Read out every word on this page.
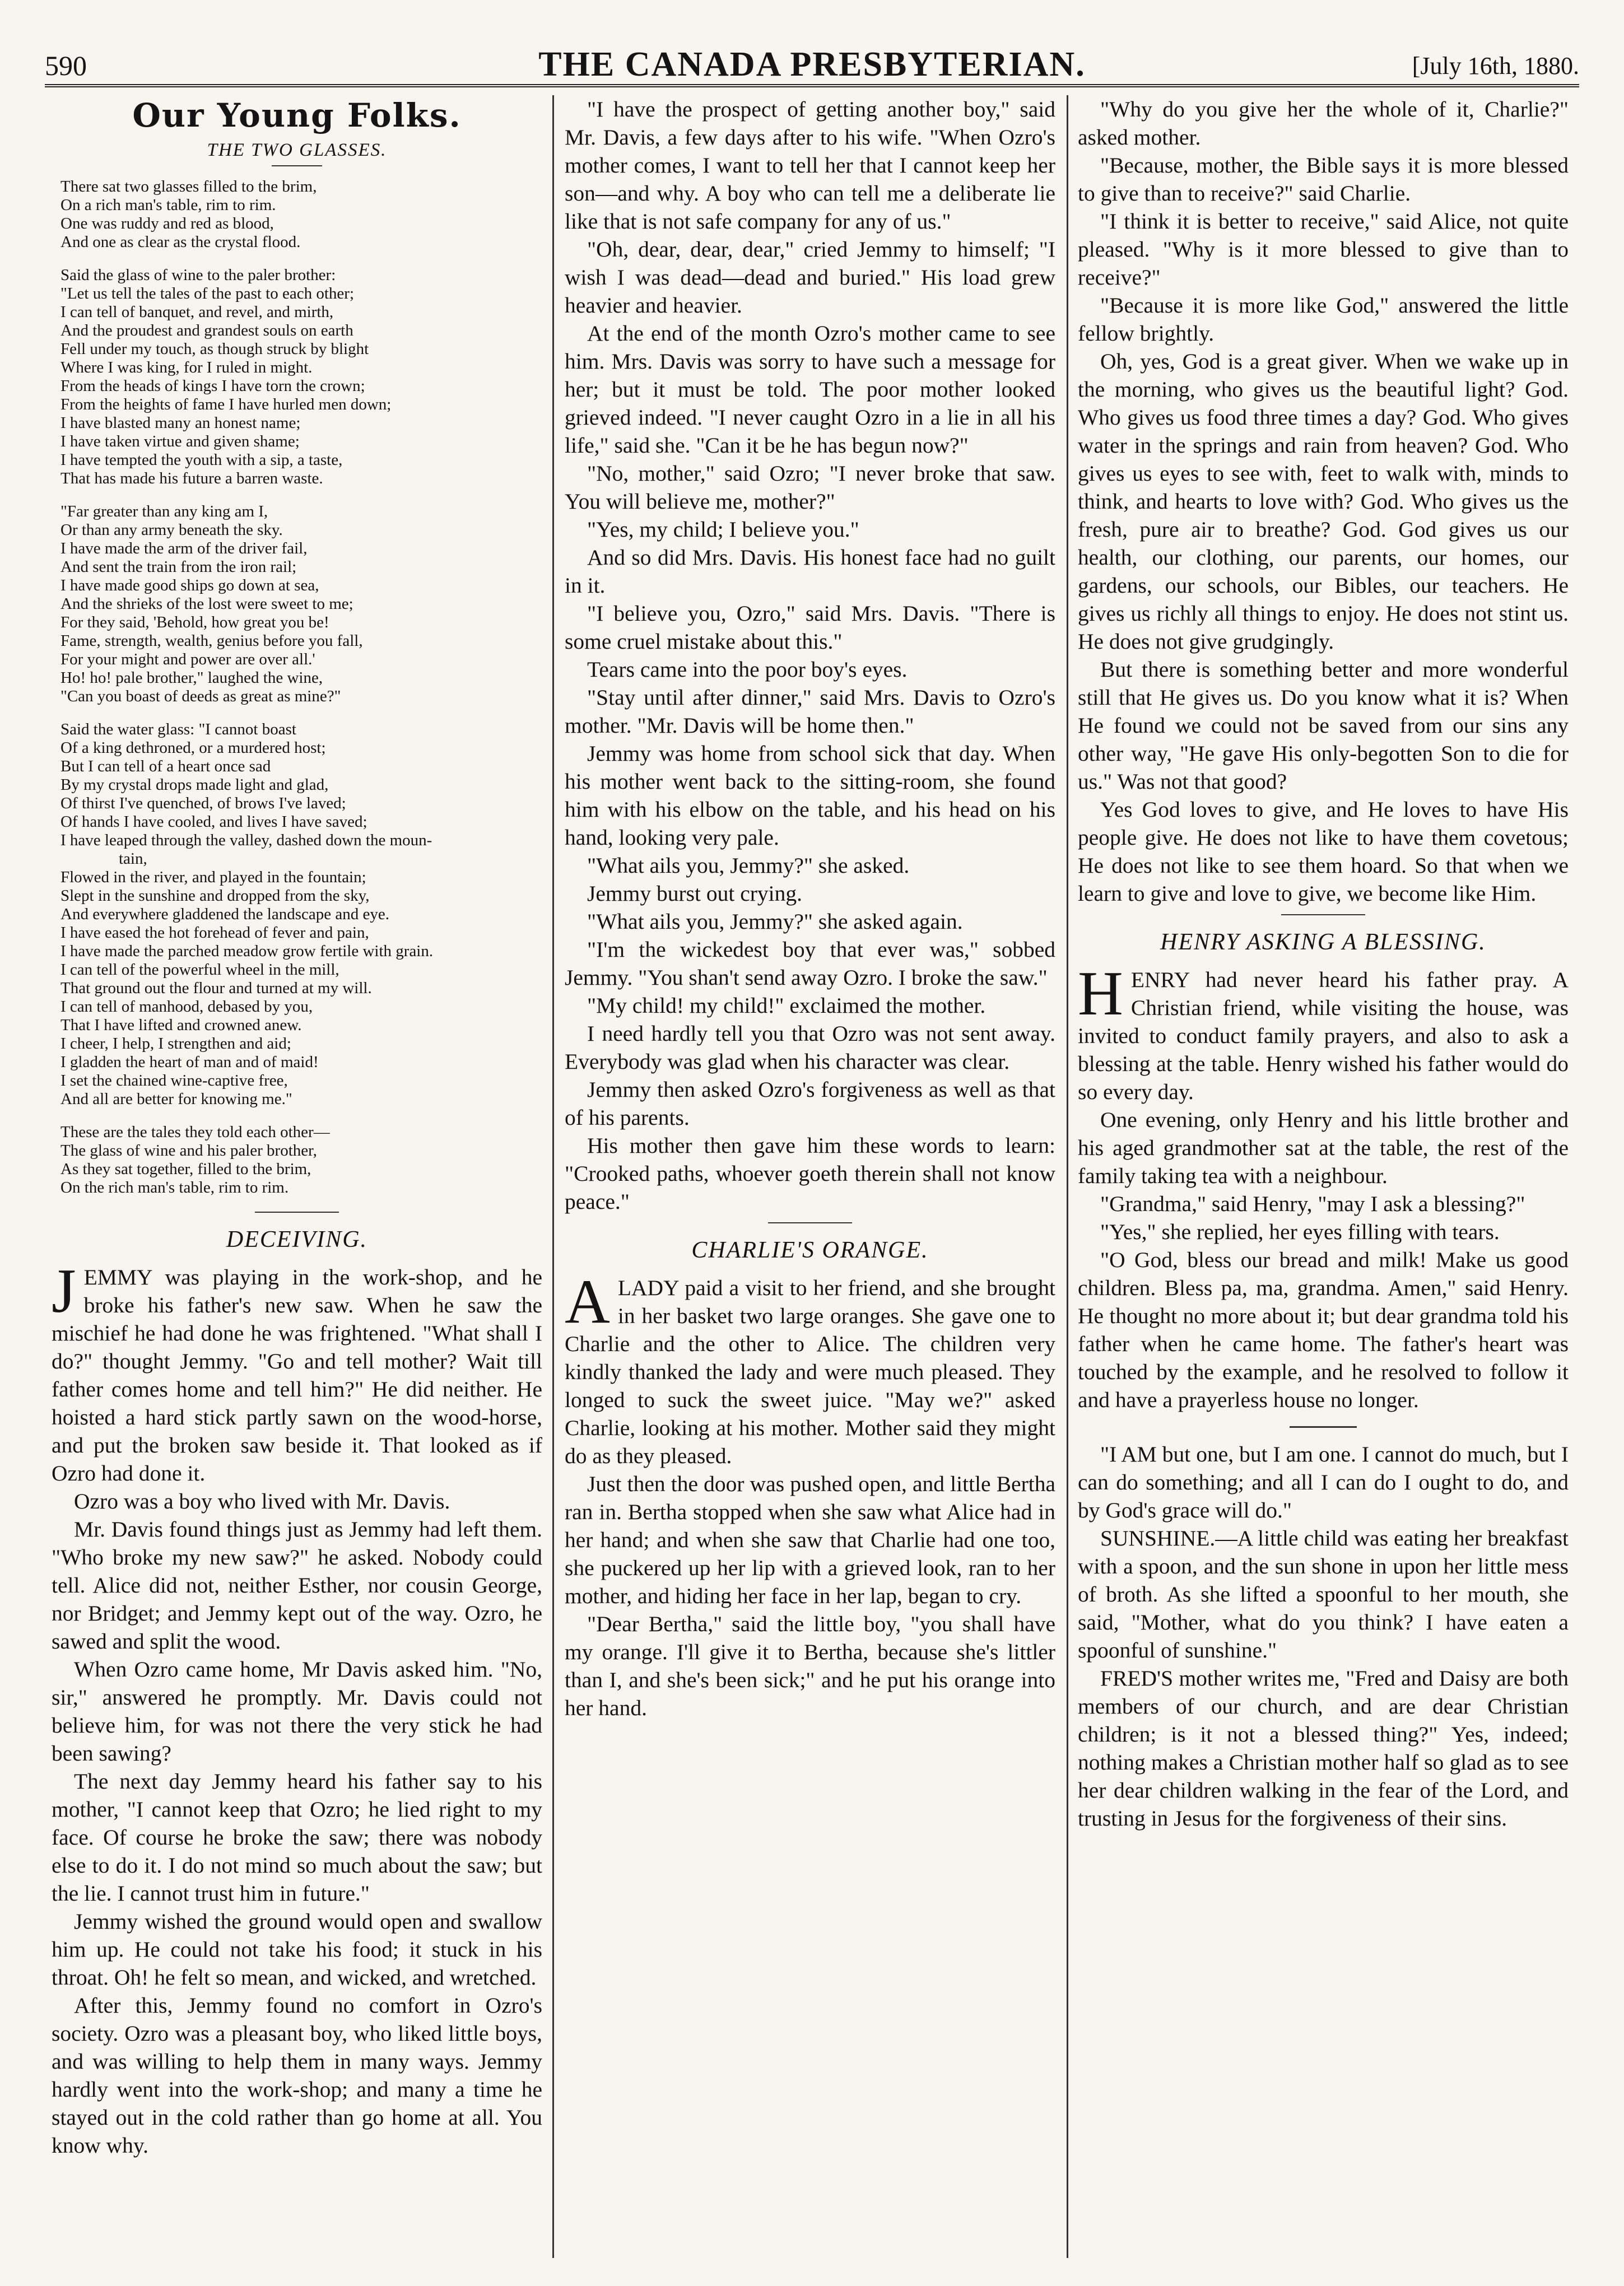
590	THE CANADA PRESBYTERIAN.	[July 16th, 1880.
Our Young Folks.
THE TWO GLASSES.
There sat two glasses filled to the brim,
On a rich man's table, rim to rim.
One was ruddy and red as blood,
And one as clear as the crystal flood.
Said the glass of wine to the paler brother:
"Let us tell the tales of the past to each other;
I can tell of banquet, and revel, and mirth,
And the proudest and grandest souls on earth
Fell under my touch, as though struck by blight
Where I was king, for I ruled in might.
From the heads of kings I have torn the crown;
From the heights of fame I have hurled men down;
I have blasted many an honest name;
I have taken virtue and given shame;
I have tempted the youth with a sip, a taste,
That has made his future a barren waste.
"Far greater than any king am I,
Or than any army beneath the sky.
I have made the arm of the driver fail,
And sent the train from the iron rail;
I have made good ships go down at sea,
And the shrieks of the lost were sweet to me;
For they said, 'Behold, how great you be!
Fame, strength, wealth, genius before you fall,
For your might and power are over all.'
Ho! ho! pale brother," laughed the wine,
"Can you boast of deeds as great as mine?"
Said the water glass: "I cannot boast
Of a king dethroned, or a murdered host;
But I can tell of a heart once sad
By my crystal drops made light and glad,
Of thirst I've quenched, of brows I've laved;
Of hands I have cooled, and lives I have saved;
I have leaped through the valley, dashed down the moun-
tain,
Flowed in the river, and played in the fountain;
Slept in the sunshine and dropped from the sky,
And everywhere gladdened the landscape and eye.
I have eased the hot forehead of fever and pain,
I have made the parched meadow grow fertile with grain.
I can tell of the powerful wheel in the mill,
That ground out the flour and turned at my will.
I can tell of manhood, debased by you,
That I have lifted and crowned anew.
I cheer, I help, I strengthen and aid;
I gladden the heart of man and of maid!
I set the chained wine-captive free,
And all are better for knowing me."
These are the tales they told each other—
The glass of wine and his paler brother,
As they sat together, filled to the brim,
On the rich man's table, rim to rim.
DECEIVING.

JEMMY was playing in the work-shop, and he broke his father's new saw. When he saw the mischief he had done he was frightened. "What shall I do?" thought Jemmy. "Go and tell mother? Wait till father comes home and tell him?" He did neither. He hoisted a hard stick partly sawn on the wood-horse, and put the broken saw beside it. That looked as if Ozro had done it.

Ozro was a boy who lived with Mr. Davis.

Mr. Davis found things just as Jemmy had left them. "Who broke my new saw?" he asked. Nobody could tell. Alice did not, neither Esther, nor cousin George, nor Bridget; and Jemmy kept out of the way. Ozro, he sawed and split the wood.

When Ozro came home, Mr Davis asked him. "No, sir," answered he promptly. Mr. Davis could not believe him, for was not there the very stick he had been sawing?

The next day Jemmy heard his father say to his mother, "I cannot keep that Ozro; he lied right to my face. Of course he broke the saw; there was nobody else to do it. I do not mind so much about the saw; but the lie. I cannot trust him in future."

Jemmy wished the ground would open and swallow him up. He could not take his food; it stuck in his throat. Oh! he felt so mean, and wicked, and wretched.

After this, Jemmy found no comfort in Ozro's society. Ozro was a pleasant boy, who liked little boys, and was willing to help them in many ways. Jemmy hardly went into the work-shop; and many a time he stayed out in the cold rather than go home at all. You know why.

"I have the prospect of getting another boy," said Mr. Davis, a few days after to his wife. "When Ozro's mother comes, I want to tell her that I cannot keep her son—and why. A boy who can tell me a deliberate lie like that is not safe company for any of us."

"Oh, dear, dear, dear," cried Jemmy to himself; "I wish I was dead—dead and buried." His load grew heavier and heavier.

At the end of the month Ozro's mother came to see him. Mrs. Davis was sorry to have such a message for her; but it must be told. The poor mother looked grieved indeed. "I never caught Ozro in a lie in all his life," said she. "Can it be he has begun now?"

"No, mother," said Ozro; "I never broke that saw. You will believe me, mother?"

"Yes, my child; I believe you."

And so did Mrs. Davis. His honest face had no guilt in it.

"I believe you, Ozro," said Mrs. Davis. "There is some cruel mistake about this."

Tears came into the poor boy's eyes.

"Stay until after dinner," said Mrs. Davis to Ozro's mother. "Mr. Davis will be home then."

Jemmy was home from school sick that day. When his mother went back to the sitting-room, she found him with his elbow on the table, and his head on his hand, looking very pale.

"What ails you, Jemmy?" she asked.

Jemmy burst out crying.

"What ails you, Jemmy?" she asked again.

"I'm the wickedest boy that ever was," sobbed Jemmy. "You shan't send away Ozro. I broke the saw."

"My child! my child!" exclaimed the mother.

I need hardly tell you that Ozro was not sent away. Everybody was glad when his character was clear.

Jemmy then asked Ozro's forgiveness as well as that of his parents.

His mother then gave him these words to learn: "Crooked paths, whoever goeth therein shall not know peace."

CHARLIE'S ORANGE.

ALADY paid a visit to her friend, and she brought in her basket two large oranges. She gave one to Charlie and the other to Alice. The children very kindly thanked the lady and were much pleased. They longed to suck the sweet juice. "May we?" asked Charlie, looking at his mother. Mother said they might do as they pleased.

Just then the door was pushed open, and little Bertha ran in. Bertha stopped when she saw what Alice had in her hand; and when she saw that Charlie had one too, she puckered up her lip with a grieved look, ran to her mother, and hiding her face in her lap, began to cry.

"Dear Bertha," said the little boy, "you shall have my orange. I'll give it to Bertha, because she's littler than I, and she's been sick;" and he put his orange into her hand.

"Why do you give her the whole of it, Charlie?" asked mother.

"Because, mother, the Bible says it is more blessed to give than to receive?" said Charlie.

"I think it is better to receive," said Alice, not quite pleased. "Why is it more blessed to give than to receive?"

"Because it is more like God," answered the little fellow brightly.

Oh, yes, God is a great giver. When we wake up in the morning, who gives us the beautiful light? God. Who gives us food three times a day? God. Who gives water in the springs and rain from heaven? God. Who gives us eyes to see with, feet to walk with, minds to think, and hearts to love with? God. Who gives us the fresh, pure air to breathe? God. God gives us our health, our clothing, our parents, our homes, our gardens, our schools, our Bibles, our teachers. He gives us richly all things to enjoy. He does not stint us. He does not give grudgingly.

But there is something better and more wonderful still that He gives us. Do you know what it is? When He found we could not be saved from our sins any other way, "He gave His only-begotten Son to die for us." Was not that good?

Yes God loves to give, and He loves to have His people give. He does not like to have them covetous; He does not like to see them hoard. So that when we learn to give and love to give, we become like Him.

HENRY ASKING A BLESSING.

HENRY had never heard his father pray. A Christian friend, while visiting the house, was invited to conduct family prayers, and also to ask a blessing at the table. Henry wished his father would do so every day.

One evening, only Henry and his little brother and his aged grandmother sat at the table, the rest of the family taking tea with a neighbour.

"Grandma," said Henry, "may I ask a blessing?"

"Yes," she replied, her eyes filling with tears.

"O God, bless our bread and milk! Make us good children. Bless pa, ma, grandma. Amen," said Henry. He thought no more about it; but dear grandma told his father when he came home. The father's heart was touched by the example, and he resolved to follow it and have a prayerless house no longer.

"I AM but one, but I am one. I cannot do much, but I can do something; and all I can do I ought to do, and by God's grace will do."

SUNSHINE.—A little child was eating her breakfast with a spoon, and the sun shone in upon her little mess of broth. As she lifted a spoonful to her mouth, she said, "Mother, what do you think? I have eaten a spoonful of sunshine."

FRED'S mother writes me, "Fred and Daisy are both members of our church, and are dear Christian children; is it not a blessed thing?" Yes, indeed; nothing makes a Christian mother half so glad as to see her dear children walking in the fear of the Lord, and trusting in Jesus for the forgiveness of their sins.
